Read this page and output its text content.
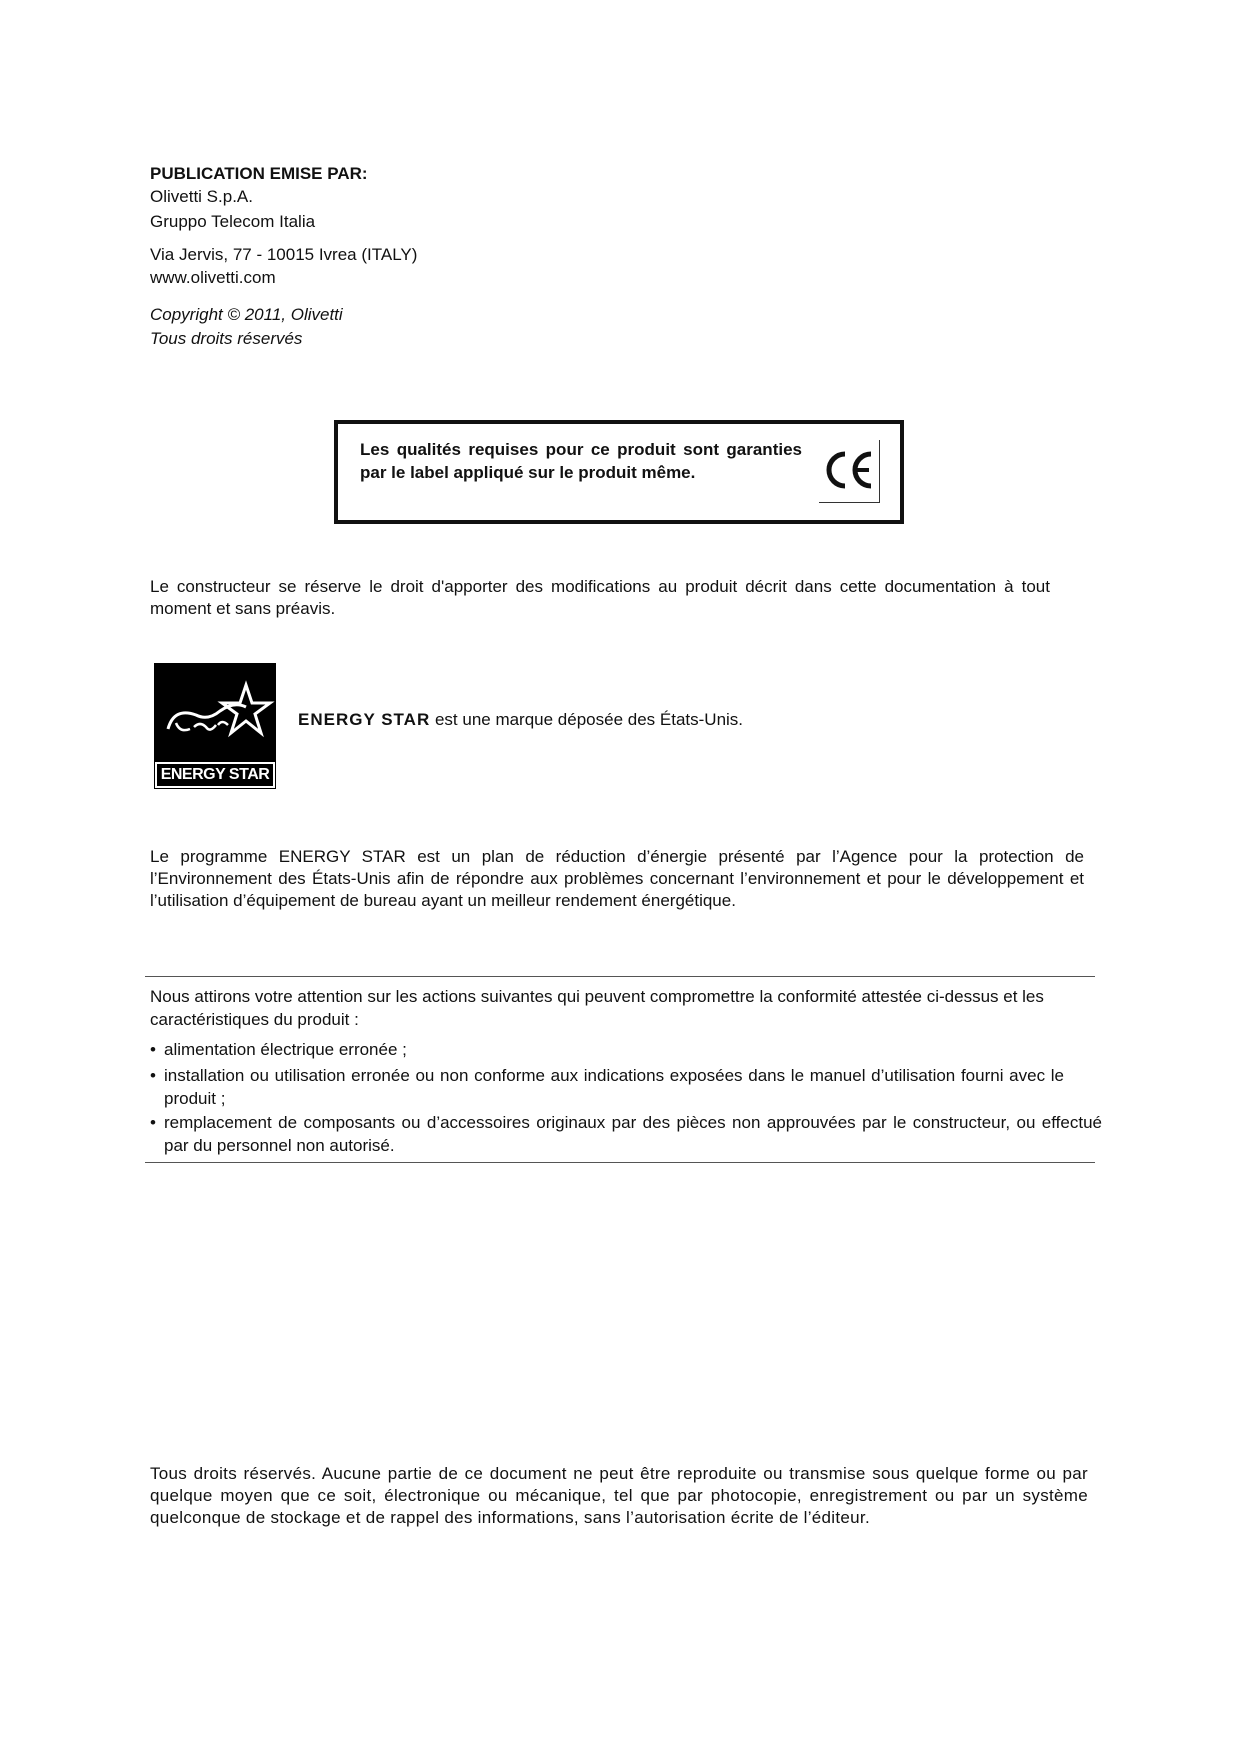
PUBLICATION EMISE PAR:
Olivetti S.p.A.
Gruppo Telecom Italia
Via Jervis, 77 - 10015 Ivrea (ITALY)
www.olivetti.com
Copyright © 2011, Olivetti
Tous droits réservés
Les qualités requises pour ce produit sont garanties par le label appliqué sur le produit même.
Le constructeur se réserve le droit d'apporter des modifications au produit décrit dans cette documentation à tout moment et sans préavis.
ENERGY STAR
ENERGY STAR est une marque déposée des États-Unis.
Le programme ENERGY STAR est un plan de réduction d’énergie présenté par l’Agence pour la protection de l’Environnement des États-Unis afin de répondre aux problèmes concernant l’environnement et pour le développement et l’utilisation d’équipement de bureau ayant un meilleur rendement énergétique.
Nous attirons votre attention sur les actions suivantes qui peuvent compromettre la conformité attestée ci-dessus et les caractéristiques du produit :
• alimentation électrique erronée ;
• installation ou utilisation erronée ou non conforme aux indications exposées dans le manuel d’utilisation fourni avec le produit ;
• remplacement de composants ou d’accessoires originaux par des pièces non approuvées par le constructeur, ou effectué par du personnel non autorisé.
Tous droits réservés. Aucune partie de ce document ne peut être reproduite ou transmise sous quelque forme ou par quelque moyen que ce soit, électronique ou mécanique, tel que par photocopie, enregistrement ou par un système quelconque de stockage et de rappel des informations, sans l’autorisation écrite de l’éditeur.
